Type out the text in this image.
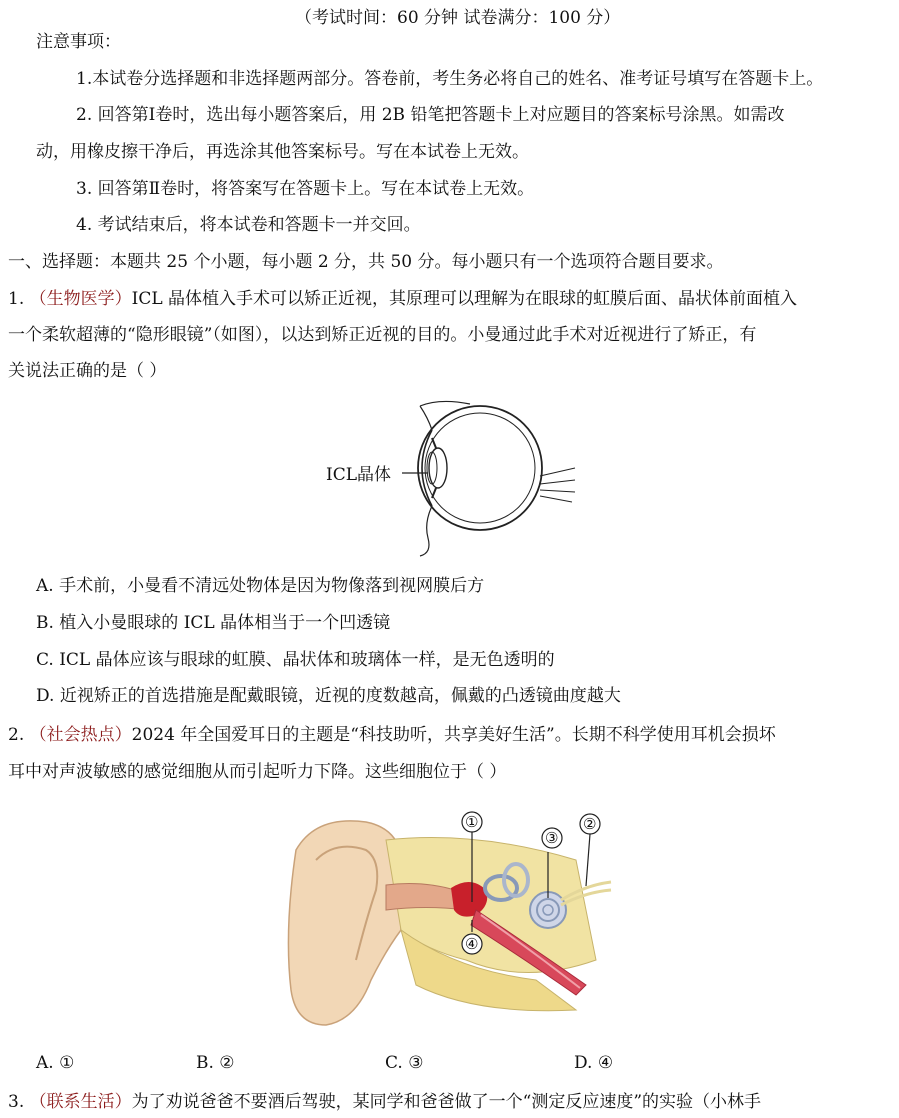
（考试时间：60 分钟 试卷满分：100 分）
注意事项：
1.本试卷分选择题和非选择题两部分。答卷前，考生务必将自己的姓名、准考证号填写在答题卡上。
2. 回答第Ⅰ卷时，选出每小题答案后，用 2B 铅笔把答题卡上对应题目的答案标号涂黑。如需改
动，用橡皮擦干净后，再选涂其他答案标号。写在本试卷上无效。
3. 回答第Ⅱ卷时，将答案写在答题卡上。写在本试卷上无效。
4. 考试结束后，将本试卷和答题卡一并交回。
一、选择题：本题共 25 个小题，每小题 2 分，共 50 分。每小题只有一个选项符合题目要求。
1. （生物医学）ICL 晶体植入手术可以矫正近视，其原理可以理解为在眼球的虹膜后面、晶状体前面植入
一个柔软超薄的“隐形眼镜”（如图），以达到矫正近视的目的。小曼通过此手术对近视进行了矫正，有
关说法正确的是（ ）
ICL晶体
A. 手术前，小曼看不清远处物体是因为物像落到视网膜后方
B. 植入小曼眼球的 ICL 晶体相当于一个凹透镜
C. ICL 晶体应该与眼球的虹膜、晶状体和玻璃体一样，是无色透明的
D. 近视矫正的首选措施是配戴眼镜，近视的度数越高，佩戴的凸透镜曲度越大
2. （社会热点）2024 年全国爱耳日的主题是“科技助听，共享美好生活”。长期不科学使用耳机会损坏
耳中对声波敏感的感觉细胞从而引起听力下降。这些细胞位于（ ）
①	②
③
④
A. ①	B. ②	C. ③	D. ④
3. （联系生活）为了劝说爸爸不要酒后驾驶，某同学和爸爸做了一个“测定反应速度”的实验（小林手
